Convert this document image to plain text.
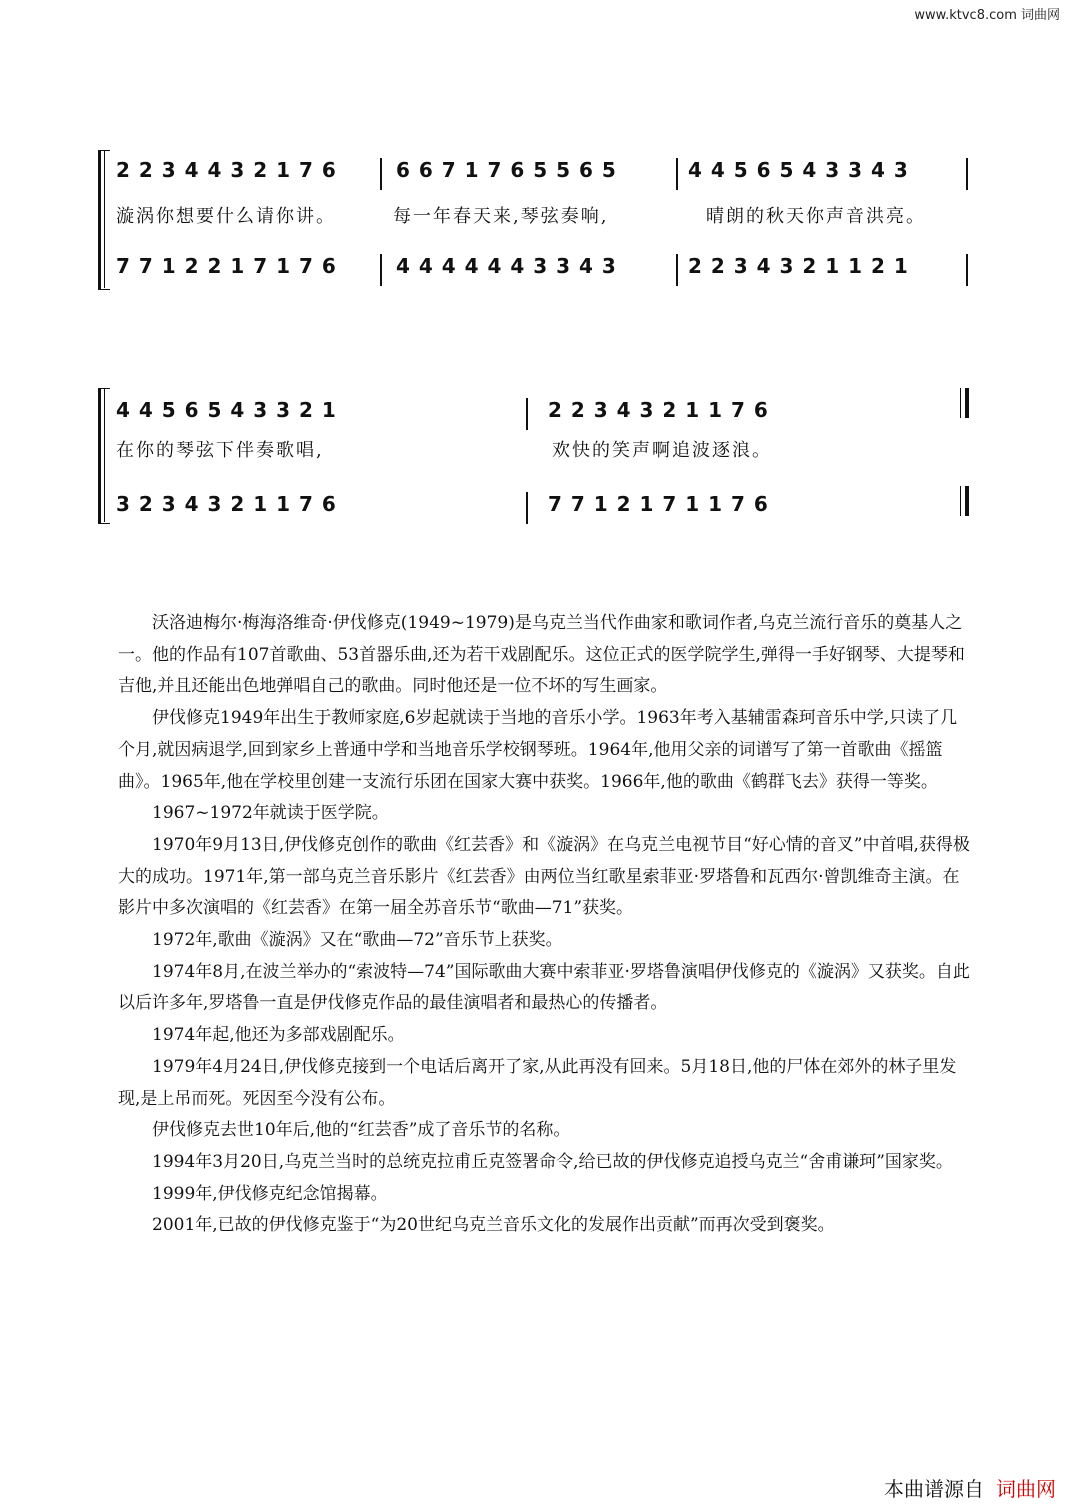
www.ktvc8.com 词曲网
2 2 3 4 4 3 2 1 7 6	6 6 7 1 7 6 5 5 6 5	4 4 5 6 5 4 3 3 4 3
漩涡你想要什么请你讲。	每一年春天来,琴弦奏响,	晴朗的秋天你声音洪亮。
7 7 1 2 2 1 7 1 7 6	4 4 4 4 4 4 3 3 4 3	2 2 3 4 3 2 1 1 2 1
4 4 5 6 5 4 3 3 2 1	2 2 3 4 3 2 1 1 7 6
在你的琴弦下伴奏歌唱,	欢快的笑声啊追波逐浪。
3 2 3 4 3 2 1 1 7 6	7 7 1 2 1 7 1 1 7 6

沃洛迪梅尔·梅海洛维奇·伊伐修克(1949~1979)是乌克兰当代作曲家和歌词作者,乌克兰流行音乐的奠基人之一。他的作品有107首歌曲、53首器乐曲,还为若干戏剧配乐。这位正式的医学院学生,弹得一手好钢琴、大提琴和吉他,并且还能出色地弹唱自己的歌曲。同时他还是一位不坏的写生画家。

伊伐修克1949年出生于教师家庭,6岁起就读于当地的音乐小学。1963年考入基辅雷森珂音乐中学,只读了几个月,就因病退学,回到家乡上普通中学和当地音乐学校钢琴班。1964年,他用父亲的词谱写了第一首歌曲《摇篮曲》。1965年,他在学校里创建一支流行乐团在国家大赛中获奖。1966年,他的歌曲《鹤群飞去》获得一等奖。

1967~1972年就读于医学院。

1970年9月13日,伊伐修克创作的歌曲《红芸香》和《漩涡》在乌克兰电视节目“好心情的音叉”中首唱,获得极大的成功。1971年,第一部乌克兰音乐影片《红芸香》由两位当红歌星索菲亚·罗塔鲁和瓦西尔·曾凯维奇主演。在影片中多次演唱的《红芸香》在第一届全苏音乐节“歌曲—71”获奖。

1972年,歌曲《漩涡》又在“歌曲—72”音乐节上获奖。

1974年8月,在波兰举办的“索波特—74”国际歌曲大赛中索菲亚·罗塔鲁演唱伊伐修克的《漩涡》又获奖。自此以后许多年,罗塔鲁一直是伊伐修克作品的最佳演唱者和最热心的传播者。

1974年起,他还为多部戏剧配乐。

1979年4月24日,伊伐修克接到一个电话后离开了家,从此再没有回来。5月18日,他的尸体在郊外的林子里发现,是上吊而死。死因至今没有公布。

伊伐修克去世10年后,他的“红芸香”成了音乐节的名称。

1994年3月20日,乌克兰当时的总统克拉甫丘克签署命令,给已故的伊伐修克追授乌克兰“舍甫谦珂”国家奖。

1999年,伊伐修克纪念馆揭幕。

2001年,已故的伊伐修克鉴于“为20世纪乌克兰音乐文化的发展作出贡献”而再次受到褒奖。

本曲谱源自 词曲网
